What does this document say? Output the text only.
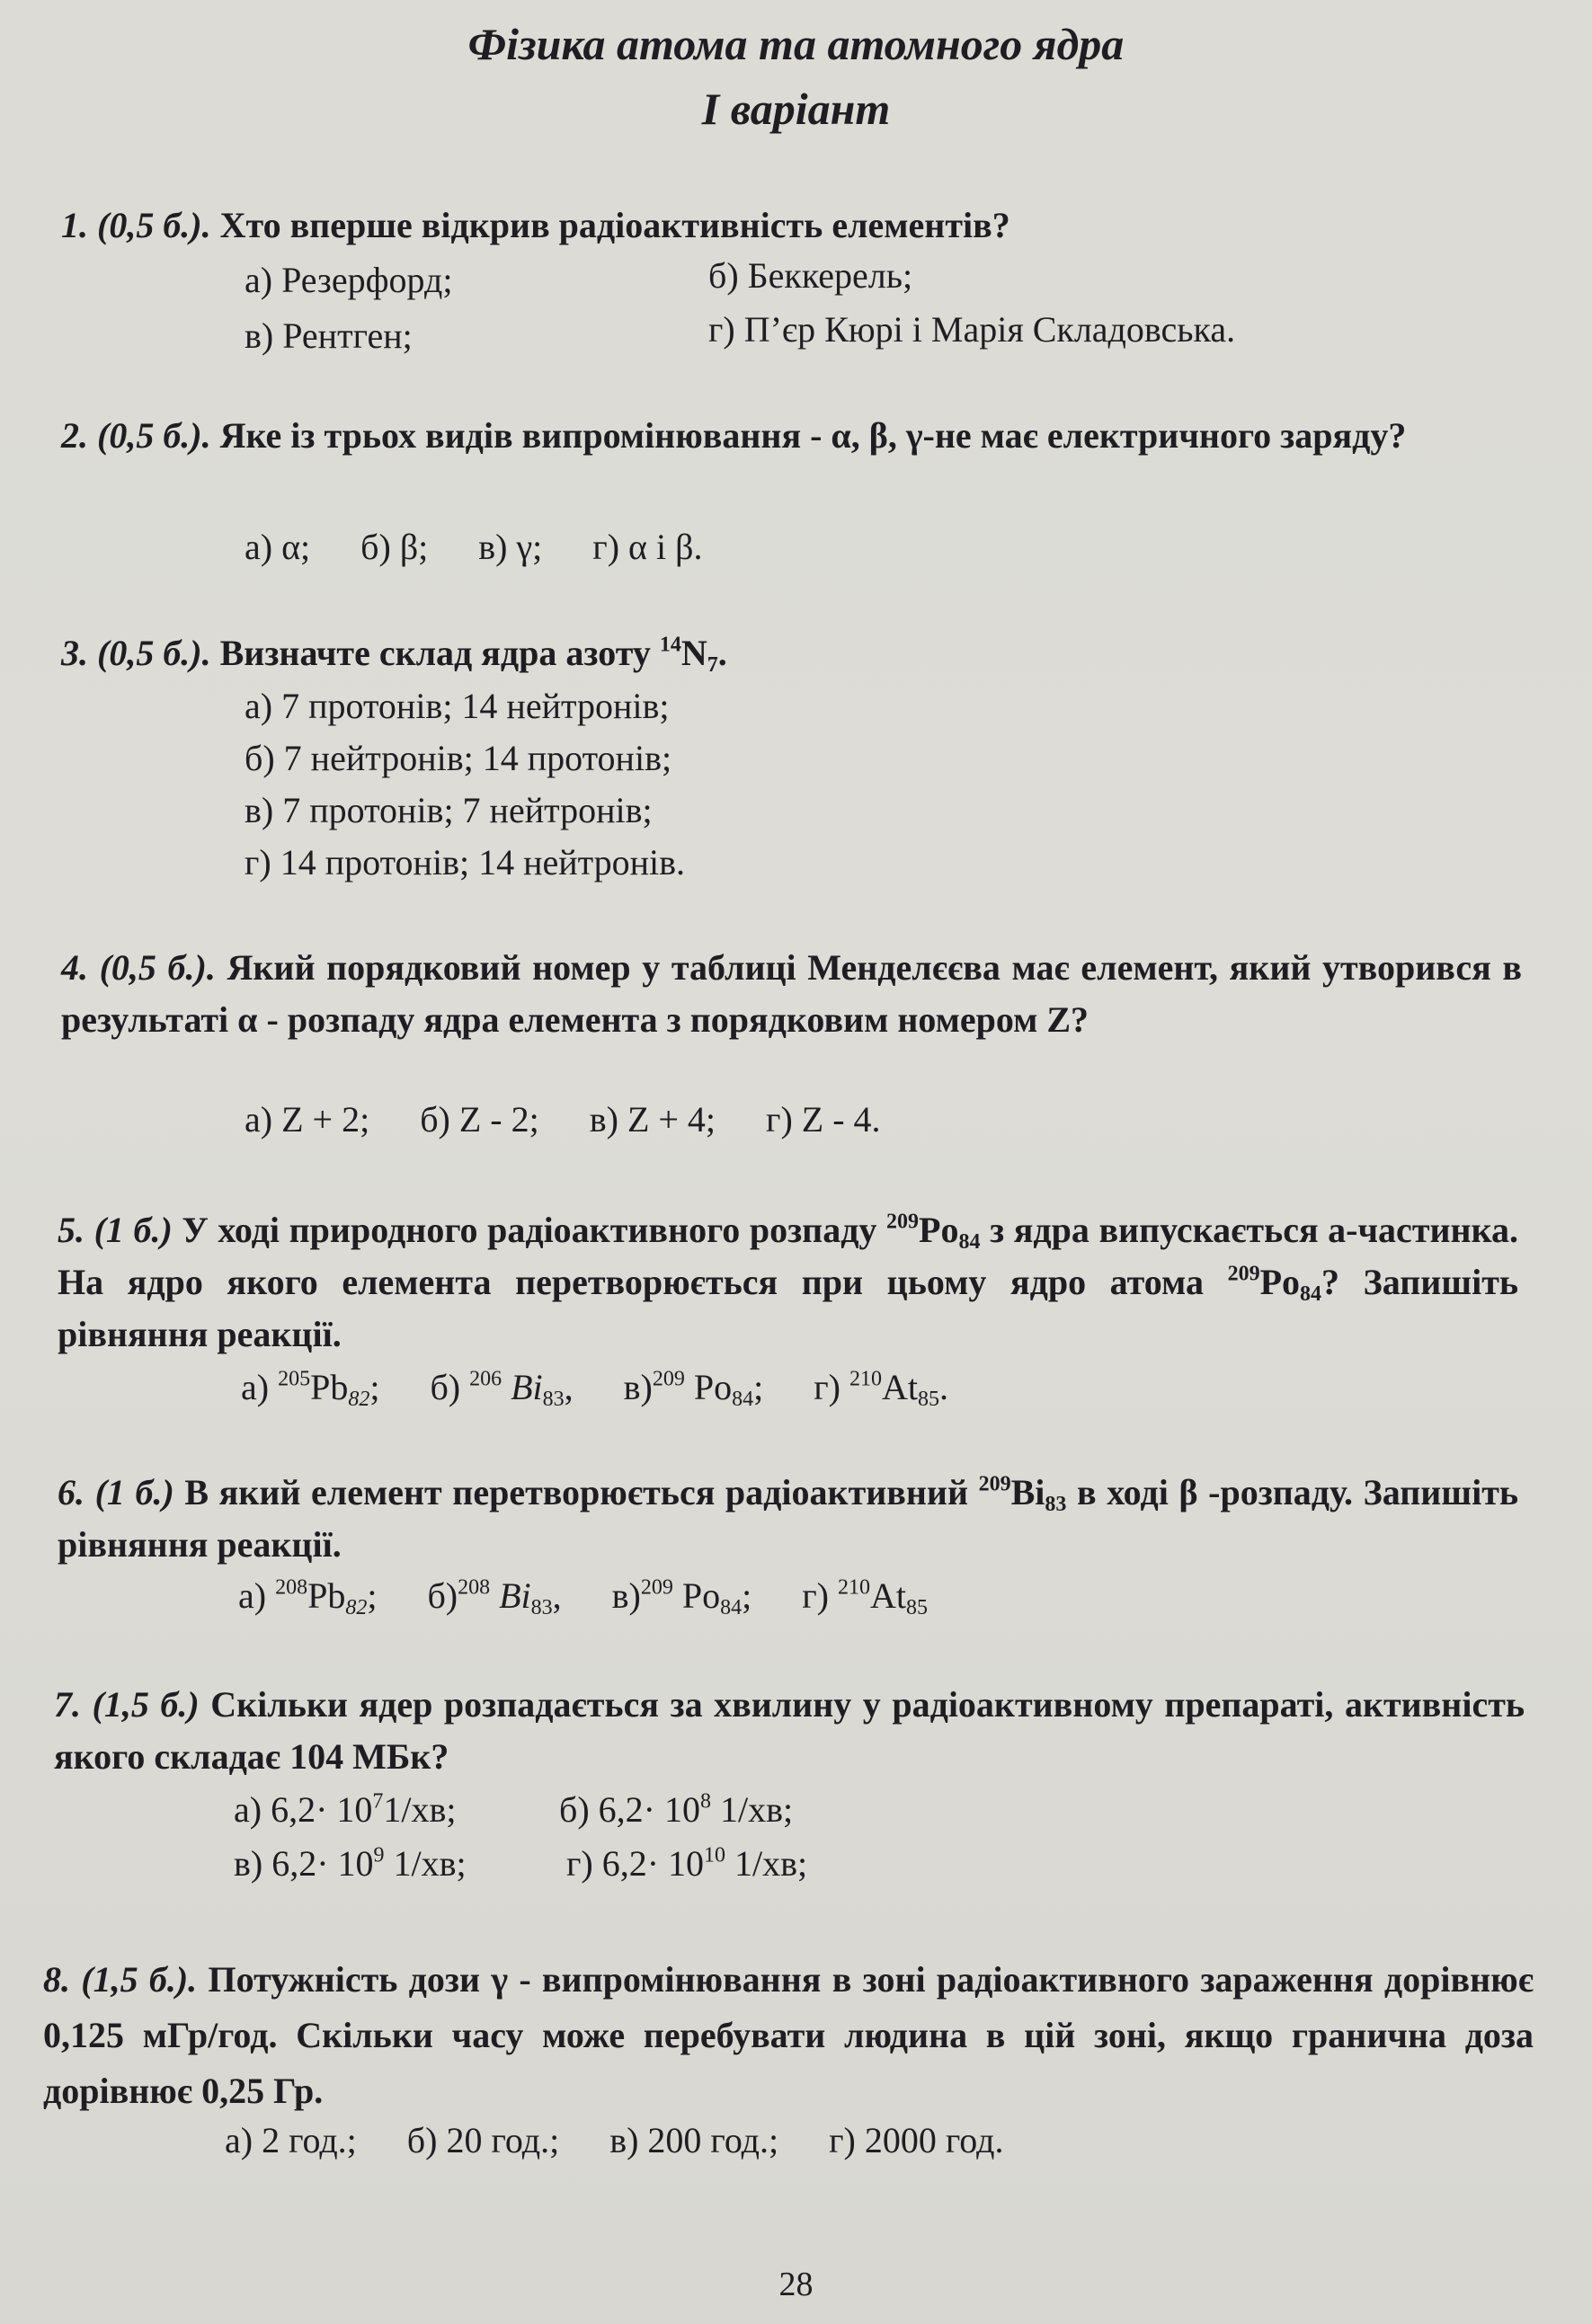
Фізика атома та атомного ядра
І варіант
1. (0,5 б.). Хто вперше відкрив радіоактивність елементів?
а) Резерфорд;	б) Беккерель;
в) Рентген;	г) П’єр Кюрі і Марія Складовська.
2. (0,5 б.). Яке із трьох видів випромінювання - α, β, γ-не має електричного заряду?
а) α; б) β; в) γ; г) α і β.
3. (0,5 б.). Визначте склад ядра азоту $^{14}N_7$.
а) 7 протонів; 14 нейтронів;
б) 7 нейтронів; 14 протонів;
в) 7 протонів; 7 нейтронів;
г) 14 протонів; 14 нейтронів.
4. (0,5 б.). Який порядковий номер у таблиці Менделєєва має елемент, який утворився в результаті α - розпаду ядра елемента з порядковим номером Z?
а) Z + 2; б) Z - 2; в) Z + 4; г) Z - 4.
5. (1 б.) У ході природного радіоактивного розпаду $^{209}Po_{84}$ з ядра випускається а-частинка. На ядро якого елемента перетворюється при цьому ядро атома $^{209}Po_{84}$? Запишіть рівняння реакції.
а) $^{205}Pb_{82}$; б) $^{206}$ $Bi_{83}$, в)$^{209}$ $Po_{84}$; г) $^{210}At_{85}$.
6. (1 б.) В який елемент перетворюється радіоактивний $^{209}Bi_{83}$ в ході β -розпаду. Запишіть рівняння реакції.
а) $^{208}Pb_{82}$; б)$^{208}$ $Bi_{83}$, в)$^{209}$ $Po_{84}$; г) $^{210}At_{85}$
7. (1,5 б.) Скільки ядер розпадається за хвилину у радіоактивному препараті, активність якого складає 104 МБк?
а) $6,2\cdot 10^71/хв$;	б) $6,2\cdot 10^8$ 1/хв;
в) $6,2\cdot 10^9$ 1/хв;	г) $6,2\cdot 10^{10}$ 1/хв;
8. (1,5 б.). Потужність дози γ - випромінювання в зоні радіоактивного зараження дорівнює 0,125 мГр/год. Скільки часу може перебувати людина в цій зоні, якщо гранична доза дорівнює 0,25 Гр.
а) 2 год.; б) 20 год.; в) 200 год.; г) 2000 год.
28
